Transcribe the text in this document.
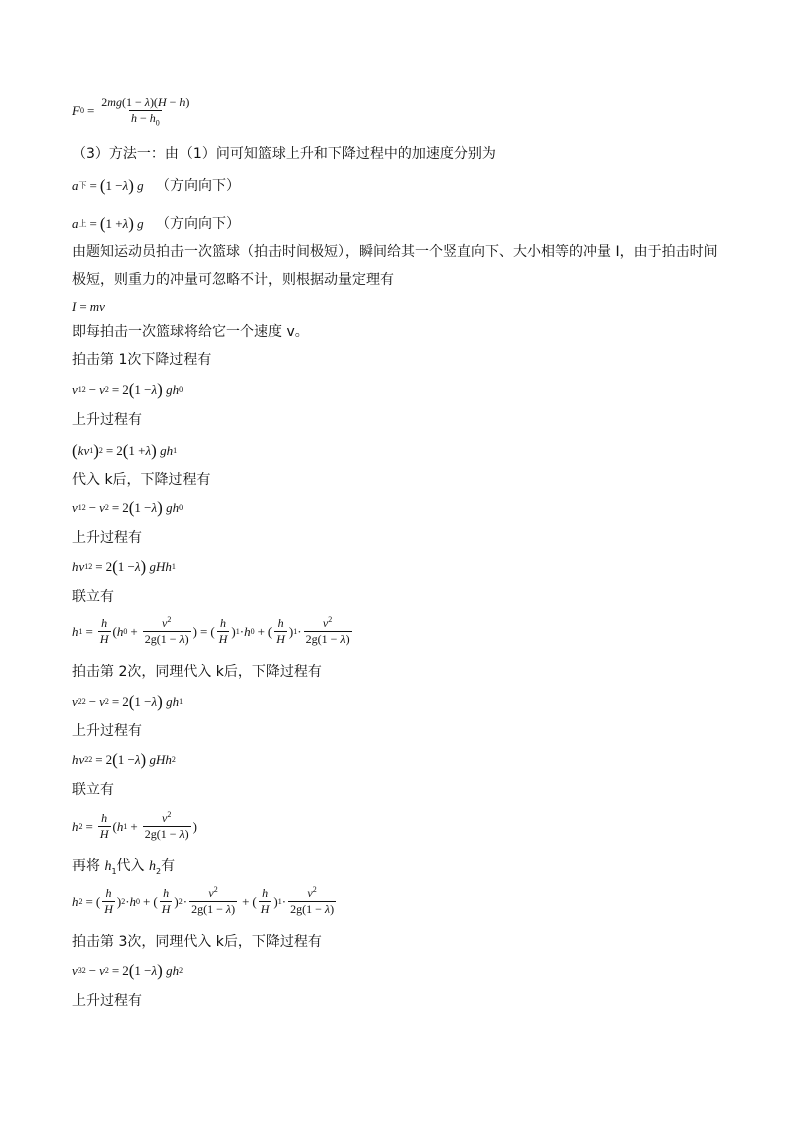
F $0 = \frac{2mg(1 - \lambda)(H - h)}{h - h_0}$
（3）方法一：由（1）问可知篮球上升和下降过程中的加速度分别为
a 下 = ( 1 − λ )
g （方向向下）
a 上 = ( 1 + λ )
g （方向向下）
由题知运动员拍击一次篮球（拍击时间极短），瞬间给其一个竖直向下、大小相等的冲量 I，由于拍击时间
极短，则重力的冲量可忽略不计，则根据动量定理有
I = mv
即每拍击一次篮球将给它一个速度 v。
拍击第 1次下降过程有
v 1 2 − v 2 = 2 ( 1 − λ )
gh 0
上升过程有
( kv 1 ) 2 = 2 ( 1 + λ )
gh 1
代入 k后，下降过程有
v 1 2 − v 2 = 2 ( 1 − λ )
gh 0
上升过程有
hv 1 2 = 2 ( 1 − λ )
gHh 1
联立有
h $1 = \frac{h}{H}$ ( h $0 + \frac{v^2}{2g(1 - \lambda)}$ ) = ( $\frac{h}{H}$ ) 1 · h 0 + ( $\frac{h}{H}$ ) $1 \cdot \frac{v^2}{2g(1 - \lambda)}$
拍击第 2次，同理代入 k后，下降过程有
v 2 2 − v 2 = 2 ( 1 − λ )
gh 1
上升过程有
hv 2 2 = 2 ( 1 − λ )
gHh 2
联立有
h $2 = \frac{h}{H}$ ( h $1 + \frac{v^2}{2g(1 - \lambda)}$ )
再将 $h_1$代入 $h_2$有
h 2 = ( $\frac{h}{H}$ ) 2 · h 0 + ( $\frac{h}{H}$ ) $2 \cdot \frac{v^2}{2g(1 - \lambda)}$ + ( $\frac{h}{H}$ ) $1 \cdot \frac{v^2}{2g(1 - \lambda)}$
拍击第 3次，同理代入 k后，下降过程有
v 3 2 − v 2 = 2 ( 1 − λ )
gh 2
上升过程有
